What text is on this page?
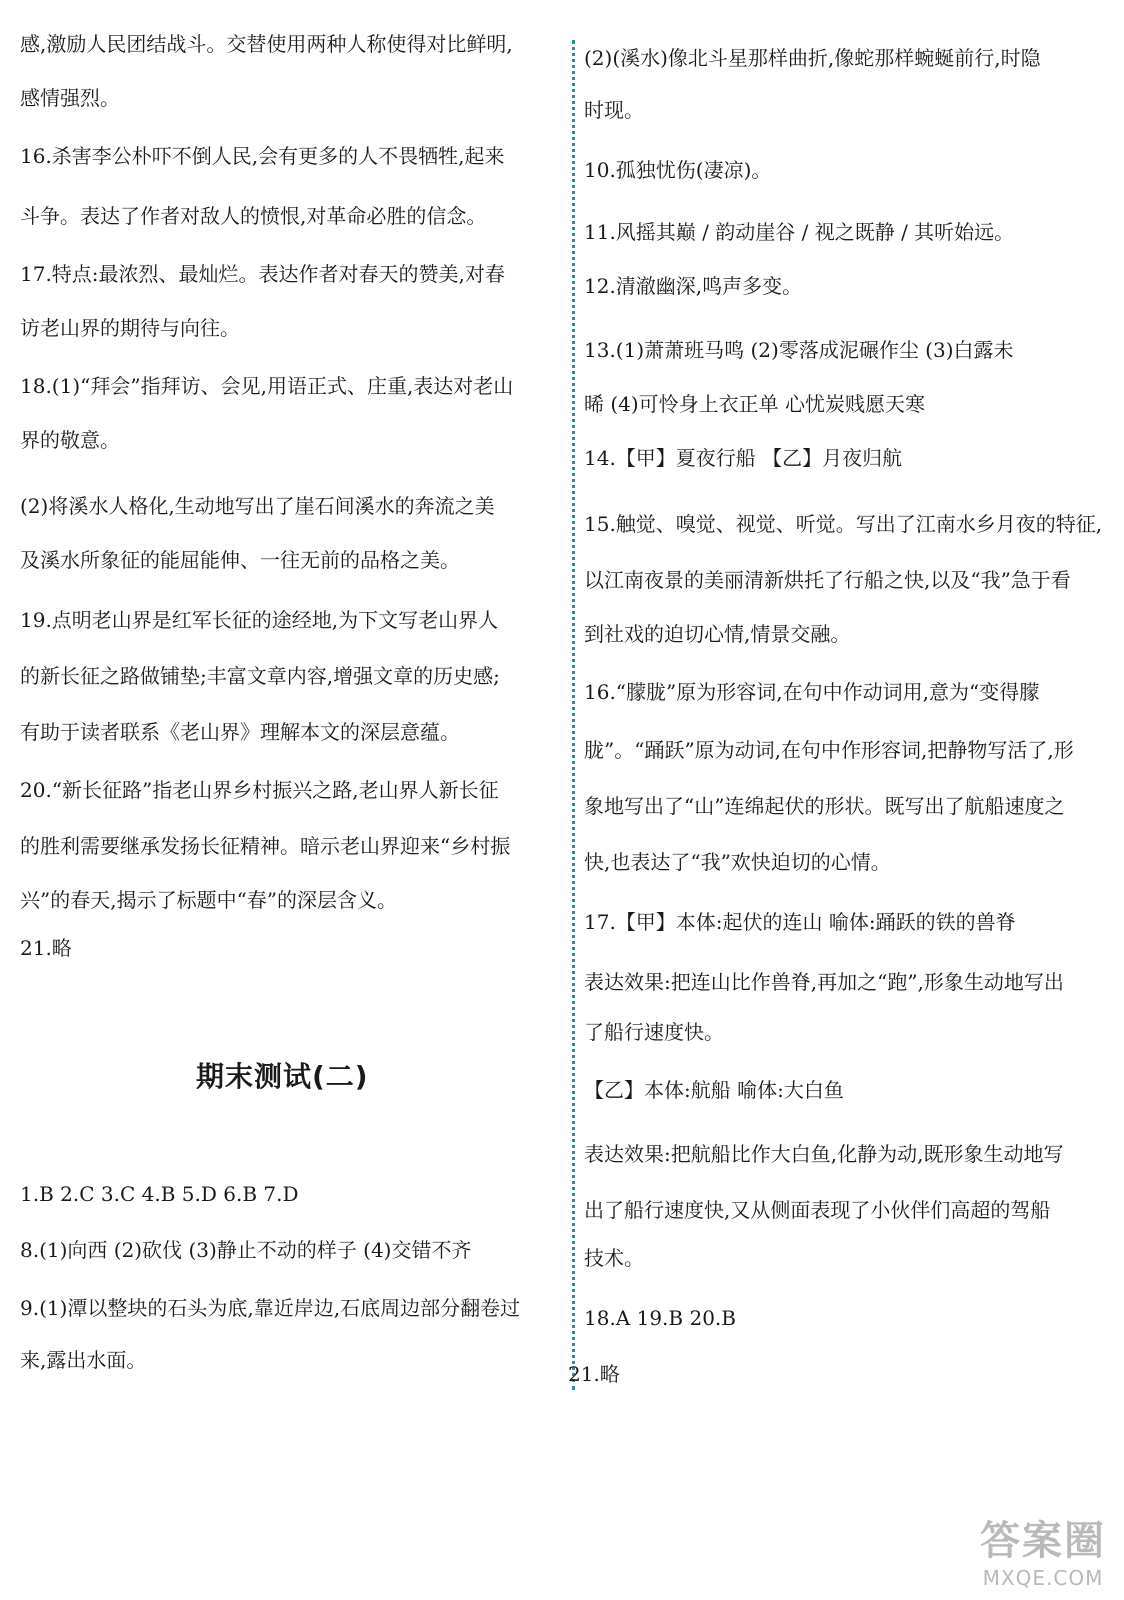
感,激励人民团结战斗。交替使用两种人称使得对比鲜明,

感情强烈。

16.杀害李公朴吓不倒人民,会有更多的人不畏牺牲,起来

斗争。表达了作者对敌人的愤恨,对革命必胜的信念。

17.特点:最浓烈、最灿烂。表达作者对春天的赞美,对春

访老山界的期待与向往。

18.(1)“拜会”指拜访、会见,用语正式、庄重,表达对老山

界的敬意。

(2)将溪水人格化,生动地写出了崖石间溪水的奔流之美

及溪水所象征的能屈能伸、一往无前的品格之美。

19.点明老山界是红军长征的途经地,为下文写老山界人

的新长征之路做铺垫;丰富文章内容,增强文章的历史感;

有助于读者联系《老山界》理解本文的深层意蕴。

20.“新长征路”指老山界乡村振兴之路,老山界人新长征

的胜利需要继承发扬长征精神。暗示老山界迎来“乡村振

兴”的春天,揭示了标题中“春”的深层含义。

21.略

1.B 2.C 3.C 4.B 5.D 6.B 7.D

8.(1)向西 (2)砍伐 (3)静止不动的样子 (4)交错不齐

9.(1)潭以整块的石头为底,靠近岸边,石底周边部分翻卷过

来,露出水面。

期末测试(二)

(2)(溪水)像北斗星那样曲折,像蛇那样蜿蜒前行,时隐

时现。

10.孤独忧伤(凄凉)。

11.风摇其巅 / 韵动崖谷 / 视之既静 / 其听始远。

12.清澈幽深,鸣声多变。

13.(1)萧萧班马鸣 (2)零落成泥碾作尘 (3)白露未

晞 (4)可怜身上衣正单 心忧炭贱愿天寒

14.【甲】夏夜行船 【乙】月夜归航

15.触觉、嗅觉、视觉、听觉。写出了江南水乡月夜的特征,

以江南夜景的美丽清新烘托了行船之快,以及“我”急于看

到社戏的迫切心情,情景交融。

16.“朦胧”原为形容词,在句中作动词用,意为“变得朦

胧”。“踊跃”原为动词,在句中作形容词,把静物写活了,形

象地写出了“山”连绵起伏的形状。既写出了航船速度之

快,也表达了“我”欢快迫切的心情。

17.【甲】本体:起伏的连山 喻体:踊跃的铁的兽脊

表达效果:把连山比作兽脊,再加之“跑”,形象生动地写出

了船行速度快。

【乙】本体:航船 喻体:大白鱼

表达效果:把航船比作大白鱼,化静为动,既形象生动地写

出了船行速度快,又从侧面表现了小伙伴们高超的驾船

技术。

18.A 19.B 20.B

21.略

答案圈
MXQE.COM
